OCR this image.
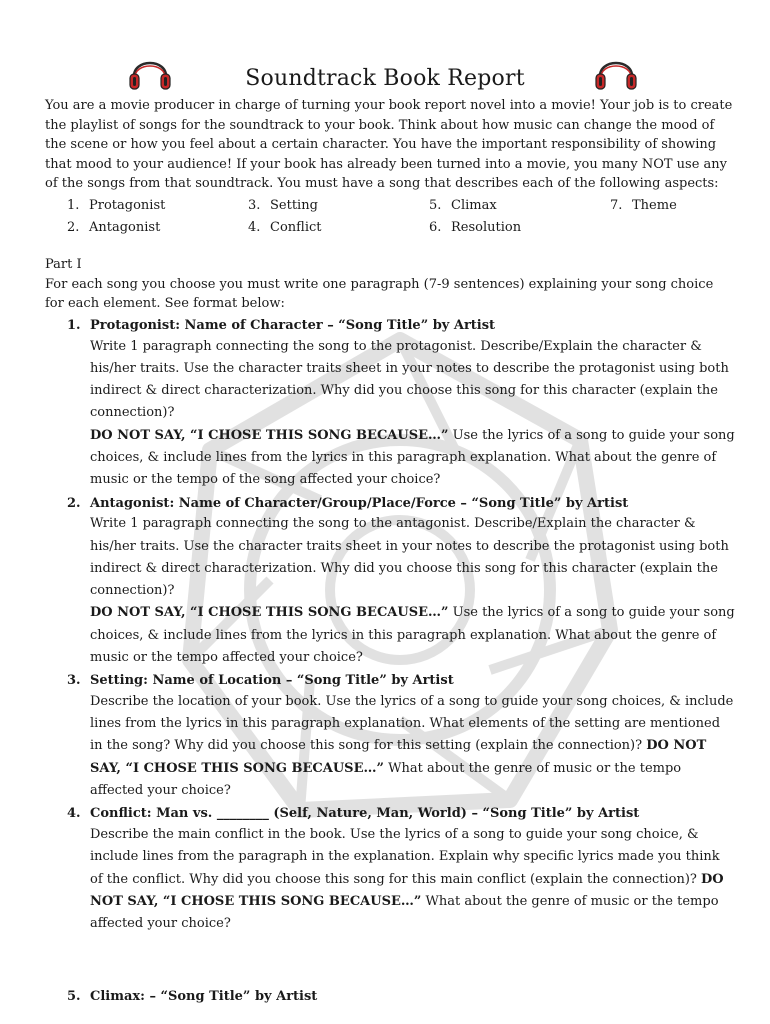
Soundtrack Book Report

You are a movie producer in charge of turning your book report novel into a movie! Your job is to create the playlist of songs for the soundtrack to your book. Think about how music can change the mood of the scene or how you feel about a certain character. You have the important responsibility of showing that mood to your audience! If your book has already been turned into a movie, you many NOT use any of the songs from that soundtrack. You must have a song that describes each of the following aspects:

1. Protagonist	3. Setting	5. Climax	7. Theme
2. Antagonist	4. Conflict	6. Resolution

Part I

For each song you choose you must write one paragraph (7-9 sentences) explaining your song choice for each element. See format below:

1. Protagonist: Name of Character – “Song Title” by Artist
Write 1 paragraph connecting the song to the protagonist. Describe/Explain the character & his/her traits. Use the character traits sheet in your notes to describe the protagonist using both indirect & direct characterization. Why did you choose this song for this character (explain the connection)?
DO NOT SAY, “I CHOSE THIS SONG BECAUSE…” Use the lyrics of a song to guide your song choices, & include lines from the lyrics in this paragraph explanation. What about the genre of music or the tempo of the song affected your choice?
2. Antagonist: Name of Character/Group/Place/Force – “Song Title” by Artist
Write 1 paragraph connecting the song to the antagonist. Describe/Explain the character & his/her traits. Use the character traits sheet in your notes to describe the protagonist using both indirect & direct characterization. Why did you choose this song for this character (explain the connection)?
DO NOT SAY, “I CHOSE THIS SONG BECAUSE…” Use the lyrics of a song to guide your song choices, & include lines from the lyrics in this paragraph explanation. What about the genre of music or the tempo affected your choice?
3. Setting: Name of Location – “Song Title” by Artist
Describe the location of your book. Use the lyrics of a song to guide your song choices, & include lines from the lyrics in this paragraph explanation. What elements of the setting are mentioned in the song? Why did you choose this song for this setting (explain the connection)? DO NOT SAY, “I CHOSE THIS SONG BECAUSE…” What about the genre of music or the tempo affected your choice?
4. Conflict: Man vs. ________ (Self, Nature, Man, World) – “Song Title” by Artist
Describe the main conflict in the book. Use the lyrics of a song to guide your song choice, & include lines from the paragraph in the explanation. Explain why specific lyrics made you think of the conflict. Why did you choose this song for this main conflict (explain the connection)? DO NOT SAY, “I CHOSE THIS SONG BECAUSE…” What about the genre of music or the tempo affected your choice?
5. Climax: – “Song Title” by Artist
